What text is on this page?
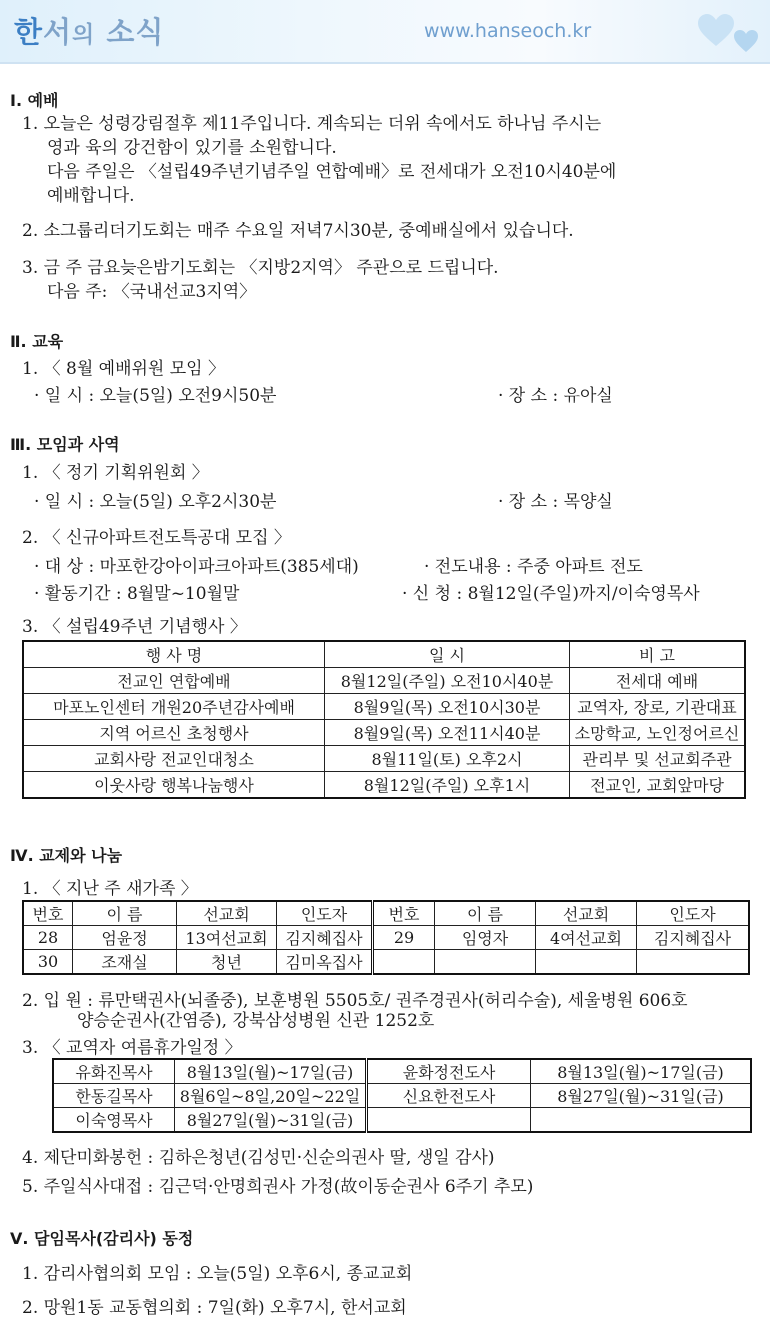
한서의 소식	www.hanseoch.kr
Ⅰ. 예배
1. 오늘은 성령강림절후 제11주입니다. 계속되는 더위 속에서도 하나님 주시는
영과 육의 강건함이 있기를 소원합니다.
다음 주일은 〈설립49주년기념주일 연합예배〉로 전세대가 오전10시40분에
예배합니다.
2. 소그룹리더기도회는 매주 수요일 저녁7시30분, 중예배실에서 있습니다.
3. 금 주 금요늦은밤기도회는 〈지방2지역〉 주관으로 드립니다.
다음 주: 〈국내선교3지역〉
Ⅱ. 교육
1. 〈 8월 예배위원 모임 〉
· 일 시 : 오늘(5일) 오전9시50분	· 장 소 : 유아실
Ⅲ. 모임과 사역
1. 〈 정기 기획위원회 〉
· 일 시 : 오늘(5일) 오후2시30분	· 장 소 : 목양실
2. 〈 신규아파트전도특공대 모집 〉
· 대 상 : 마포한강아이파크아파트(385세대)	· 전도내용 : 주중 아파트 전도
· 활동기간 : 8월말~10월말	· 신 청 : 8월12일(주일)까지/이숙영목사
3. 〈 설립49주년 기념행사 〉
행 사 명	일 시	비 고
전교인 연합예배	8월12일(주일) 오전10시40분	전세대 예배
마포노인센터 개원20주년감사예배	8월9일(목) 오전10시30분	교역자, 장로, 기관대표
지역 어르신 초청행사	8월9일(목) 오전11시40분	소망학교, 노인정어르신
교회사랑 전교인대청소	8월11일(토) 오후2시	관리부 및 선교회주관
이웃사랑 행복나눔행사	8월12일(주일) 오후1시	전교인, 교회앞마당
Ⅳ. 교제와 나눔
1. 〈 지난 주 새가족 〉
번호	이 름	선교회	인도자	번호	이 름	선교회	인도자
28	엄윤정	13여선교회	김지혜집사	29	임영자	4여선교회	김지혜집사
30	조재실	청년	김미옥집사				
2. 입 원 : 류만택권사(뇌졸중), 보훈병원 5505호/ 권주경권사(허리수술), 세울병원 606호
양승순권사(간염증), 강북삼성병원 신관 1252호
3. 〈 교역자 여름휴가일정 〉
유화진목사	8월13일(월)~17일(금)	윤화정전도사	8월13일(월)~17일(금)
한동길목사	8월6일~8일,20일~22일	신요한전도사	8월27일(월)~31일(금)
이숙영목사	8월27일(월)~31일(금)		
4. 제단미화봉헌 : 김하은청년(김성민·신순의권사 딸, 생일 감사)
5. 주일식사대접 : 김근덕·안명희권사 가정(故이동순권사 6주기 추모)
Ⅴ. 담임목사(감리사) 동정
1. 감리사협의회 모임 : 오늘(5일) 오후6시, 종교교회
2. 망원1동 교동협의회 : 7일(화) 오후7시, 한서교회
